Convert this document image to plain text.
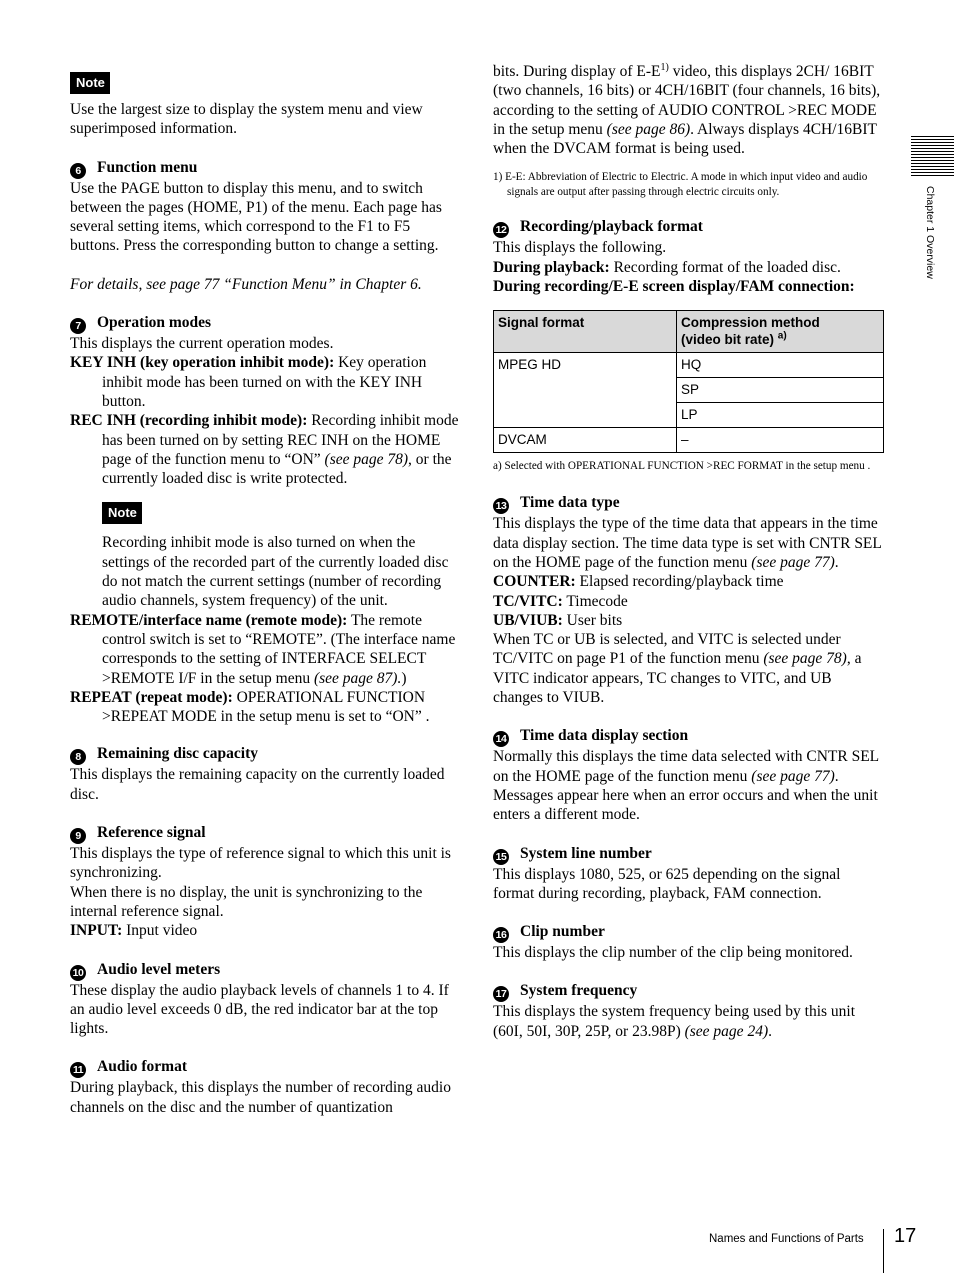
Note

Use the largest size to display the system menu and view superimposed information.

6 Function menu

Use the PAGE button to display this menu, and to switch between the pages (HOME, P1) of the menu. Each page has several setting items, which correspond to the F1 to F5 buttons. Press the corresponding button to change a setting.

For details, see page 77 “Function Menu” in Chapter 6.

7 Operation modes

This displays the current operation modes.

KEY INH (key operation inhibit mode): Key operation inhibit mode has been turned on with the KEY INH button.

REC INH (recording inhibit mode): Recording inhibit mode has been turned on by setting REC INH on the HOME page of the function menu to “ON” (see page 78), or the currently loaded disc is write protected.

Note

Recording inhibit mode is also turned on when the settings of the recorded part of the currently loaded disc do not match the current settings (number of recording audio channels, system frequency) of the unit.

REMOTE/interface name (remote mode): The remote control switch is set to “REMOTE”. (The interface name corresponds to the setting of INTERFACE SELECT >REMOTE I/F in the setup menu (see page 87).)

REPEAT (repeat mode): OPERATIONAL FUNCTION >REPEAT MODE in the setup menu is set to “ON” .

8 Remaining disc capacity

This displays the remaining capacity on the currently loaded disc.

9 Reference signal

This displays the type of reference signal to which this unit is synchronizing.

When there is no display, the unit is synchronizing to the internal reference signal.

INPUT: Input video

10 Audio level meters

These display the audio playback levels of channels 1 to 4. If an audio level exceeds 0 dB, the red indicator bar at the top lights.

11 Audio format

During playback, this displays the number of recording audio channels on the disc and the number of quantization

bits. During display of $E-E^{1)}$ video, this displays 2CH/ 16BIT (two channels, 16 bits) or 4CH/16BIT (four channels, 16 bits), according to the setting of AUDIO CONTROL >REC MODE in the setup menu (see page 86). Always displays 4CH/16BIT when the DVCAM format is being used.

1) E-E: Abbreviation of Electric to Electric. A mode in which input video and audio signals are output after passing through electric circuits only.

12 Recording/playback format

This displays the following.

During playback: Recording format of the loaded disc.

During recording/E-E screen display/FAM connection:

Signal format	Compression method
(video bit rate) $^{a)}$
MPEG HD	HQ
	SP
	LP
DVCAM	–

a) Selected with OPERATIONAL FUNCTION >REC FORMAT in the setup menu .

13 Time data type

This displays the type of the time data that appears in the time data display section. The time data type is set with CNTR SEL on the HOME page of the function menu (see page 77).

COUNTER: Elapsed recording/playback time

TC/VITC: Timecode

UB/VIUB: User bits

When TC or UB is selected, and VITC is selected under TC/VITC on page P1 of the function menu (see page 78), a VITC indicator appears, TC changes to VITC, and UB changes to VIUB.

14 Time data display section

Normally this displays the time data selected with CNTR SEL on the HOME page of the function menu (see page 77).

Messages appear here when an error occurs and when the unit enters a different mode.

15 System line number

This displays 1080, 525, or 625 depending on the signal format during recording, playback, FAM connection.

16 Clip number

This displays the clip number of the clip being monitored.

17 System frequency

This displays the system frequency being used by this unit (60I, 50I, 30P, 25P, or 23.98P) (see page 24).

Chapter 1 Overview
Names and Functions of Parts 17
